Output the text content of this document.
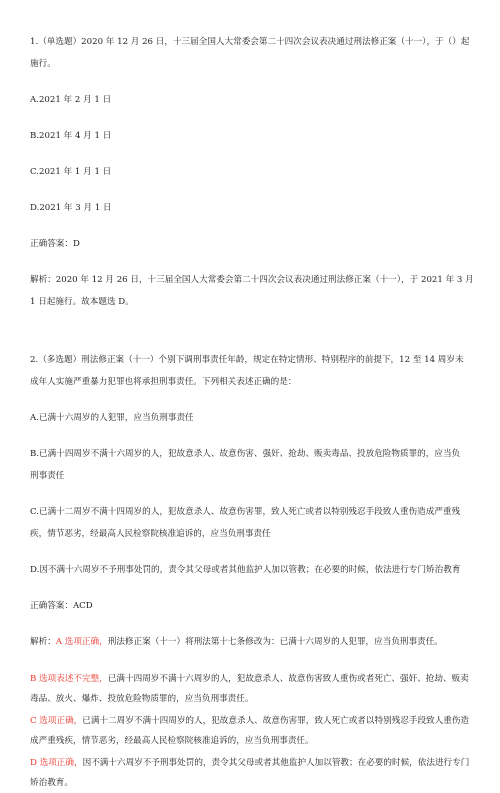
1.（单选题）2020 年 12 月 26 日，十三届全国人大常委会第二十四次会议表决通过刑法修正案（十一），于（）起
施行。
A.2021 年 2 月 1 日
B.2021 年 4 月 1 日
C.2021 年 1 月 1 日
D.2021 年 3 月 1 日
正确答案：D
解析：2020 年 12 月 26 日，十三届全国人大常委会第二十四次会议表决通过刑法修正案（十一），于 2021 年 3 月
1 日起施行。故本题选 D。
2.（多选题）刑法修正案（十一）个别下调刑事责任年龄，规定在特定情形、特别程序的前提下，12 至 14 周岁未
成年人实施严重暴力犯罪也将承担刑事责任。下列相关表述正确的是：
A.已满十六周岁的人犯罪，应当负刑事责任
B.已满十四周岁不满十六周岁的人，犯故意杀人、故意伤害、强奸、抢劫、贩卖毒品、投放危险物质罪的，应当负
刑事责任
C.已满十二周岁不满十四周岁的人，犯故意杀人、故意伤害罪，致人死亡或者以特别残忍手段致人重伤造成严重残
疾，情节恶劣，经最高人民检察院核准追诉的，应当负刑事责任
D.因不满十六周岁不予刑事处罚的，责令其父母或者其他监护人加以管教；在必要的时候，依法进行专门矫治教育
正确答案：ACD
解析：A 选项正确，刑法修正案（十一）将刑法第十七条修改为：已满十六周岁的人犯罪，应当负刑事责任。
B 选项表述不完整，已满十四周岁不满十六周岁的人，犯故意杀人、故意伤害致人重伤或者死亡、强奸、抢劫、贩卖毒品、放火、爆炸、投放危险物质罪的，应当负刑事责任。
C 选项正确，已满十二周岁不满十四周岁的人，犯故意杀人、故意伤害罪，致人死亡或者以特别残忍手段致人重伤造成严重残疾，情节恶劣，经最高人民检察院核准追诉的，应当负刑事责任。
D 选项正确，因不满十六周岁不予刑事处罚的，责令其父母或者其他监护人加以管教；在必要的时候，依法进行专门矫治教育。
